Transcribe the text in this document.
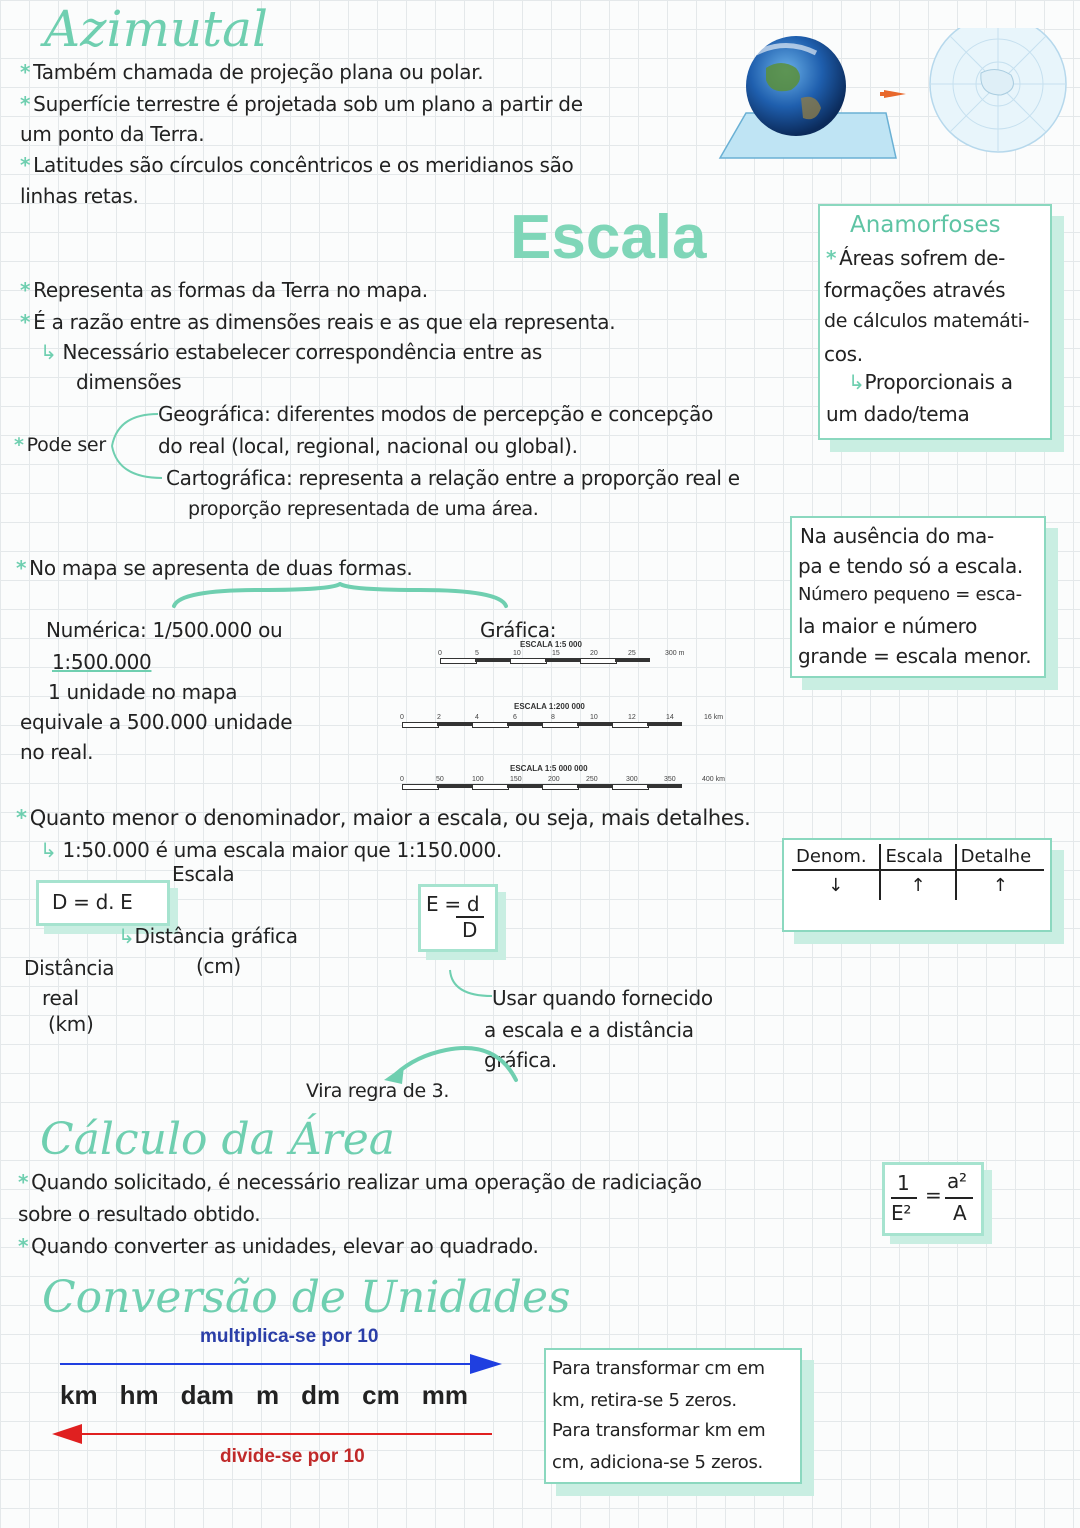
Azimutal
* Também chamada de projeção plana ou polar.
* Superfície terrestre é projetada sob um plano a partir de
um ponto da Terra.
* Latitudes são círculos concêntricos e os meridianos são
linhas retas.
Anamorfoses
* Áreas sofrem de-
formações através
de cálculos matemáti-
cos.
↳Proporcionais a
um dado/tema
Escala
* Representa as formas da Terra no mapa.
* É a razão entre as dimensões reais e as que ela representa.
↳ Necessário estabelecer correspondência entre as
dimensões
* Pode ser
Geográfica: diferentes modos de percepção e concepção
do real (local, regional, nacional ou global).
Cartográfica: representa a relação entre a proporção real e
proporção representada de uma área.
* No mapa se apresenta de duas formas.
Numérica: 1/500.000 ou
1:500.000
1 unidade no mapa
equivale a 500.000 unidade
no real.
Gráfica:
ESCALA 1:5 000
0	5	10	15	20	25	300 m
ESCALA 1:200 000
0	2	4	6	8	10	12	14	16 km
ESCALA 1:5 000 000
0	50	100	150	200	250	300	350	400 km
Na ausência do ma-
pa e tendo só a escala.
Número pequeno = esca-
la maior e número
grande = escala menor.
* Quanto menor o denominador, maior a escala, ou seja, mais detalhes.
↳ 1:50.000 é uma escala maior que 1:150.000.
Escala
D = d. E
↳Distância gráfica
(cm)
Distância
real
(km)
E = d
D
Usar quando fornecido
a escala e a distância
gráfica.
Vira regra de 3.
Denom.	Escala	Detalhe
↓	↑	↑
Cálculo da Área
* Quando solicitado, é necessário realizar uma operação de radiciação
sobre o resultado obtido.
* Quando converter as unidades, elevar ao quadrado.
1
E²
=
a²
A
Conversão de Unidades
multiplica-se por 10
km hm dam m dm cm mm
divide-se por 10
Para transformar cm em
km, retira-se 5 zeros.
Para transformar km em
cm, adiciona-se 5 zeros.
